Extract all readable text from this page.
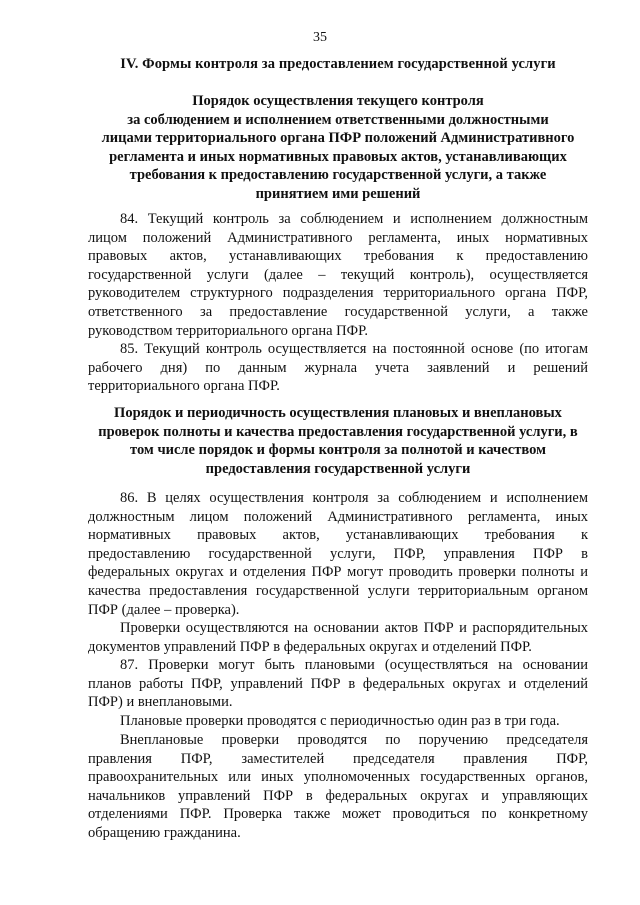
35
IV. Формы контроля за предоставлением государственной услуги
Порядок осуществления текущего контроля
за соблюдением и исполнением ответственными должностными
лицами территориального органа ПФР положений Административного
регламента и иных нормативных правовых актов, устанавливающих
требования к предоставлению государственной услуги, а также
принятием ими решений
84. Текущий контроль за соблюдением и исполнением должностным
лицом положений Административного регламента, иных нормативных
правовых актов, устанавливающих требования к предоставлению
государственной услуги (далее – текущий контроль), осуществляется
руководителем структурного подразделения территориального органа ПФР,
ответственного за предоставление государственной услуги, а также
руководством территориального органа ПФР.
85. Текущий контроль осуществляется на постоянной основе (по итогам
рабочего дня) по данным журнала учета заявлений и решений
территориального органа ПФР.
Порядок и периодичность осуществления плановых и внеплановых
проверок полноты и качества предоставления государственной услуги, в
том числе порядок и формы контроля за полнотой и качеством
предоставления государственной услуги
86. В целях осуществления контроля за соблюдением и исполнением
должностным лицом положений Административного регламента, иных
нормативных правовых актов, устанавливающих требования к
предоставлению государственной услуги, ПФР, управления ПФР в
федеральных округах и отделения ПФР могут проводить проверки полноты и
качества предоставления государственной услуги территориальным органом
ПФР (далее – проверка).
Проверки осуществляются на основании актов ПФР и распорядительных
документов управлений ПФР в федеральных округах и отделений ПФР.
87. Проверки могут быть плановыми (осуществляться на основании
планов работы ПФР, управлений ПФР в федеральных округах и отделений
ПФР) и внеплановыми.
Плановые проверки проводятся с периодичностью один раз в три года.
Внеплановые проверки проводятся по поручению председателя
правления ПФР, заместителей председателя правления ПФР,
правоохранительных или иных уполномоченных государственных органов,
начальников управлений ПФР в федеральных округах и управляющих
отделениями ПФР. Проверка также может проводиться по конкретному
обращению гражданина.
